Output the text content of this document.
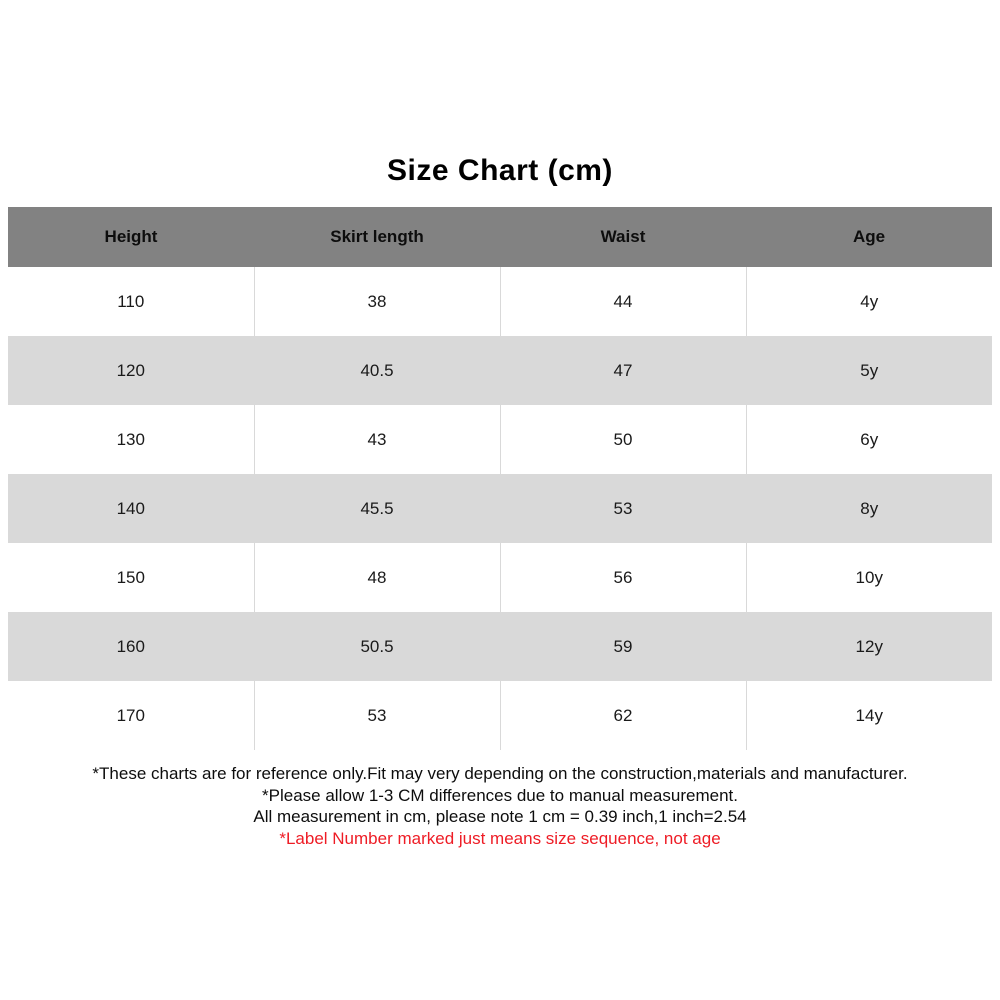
Size Chart (cm)
Height	Skirt length	Waist	Age
110	38	44	4y
120	40.5	47	5y
130	43	50	6y
140	45.5	53	8y
150	48	56	10y
160	50.5	59	12y
170	53	62	14y
*These charts are for reference only.Fit may very depending on the construction,materials and manufacturer.
*Please allow 1-3 CM differences due to manual measurement.
All measurement in cm, please note 1 cm = 0.39 inch,1 inch=2.54
*Label Number marked just means size sequence, not age
